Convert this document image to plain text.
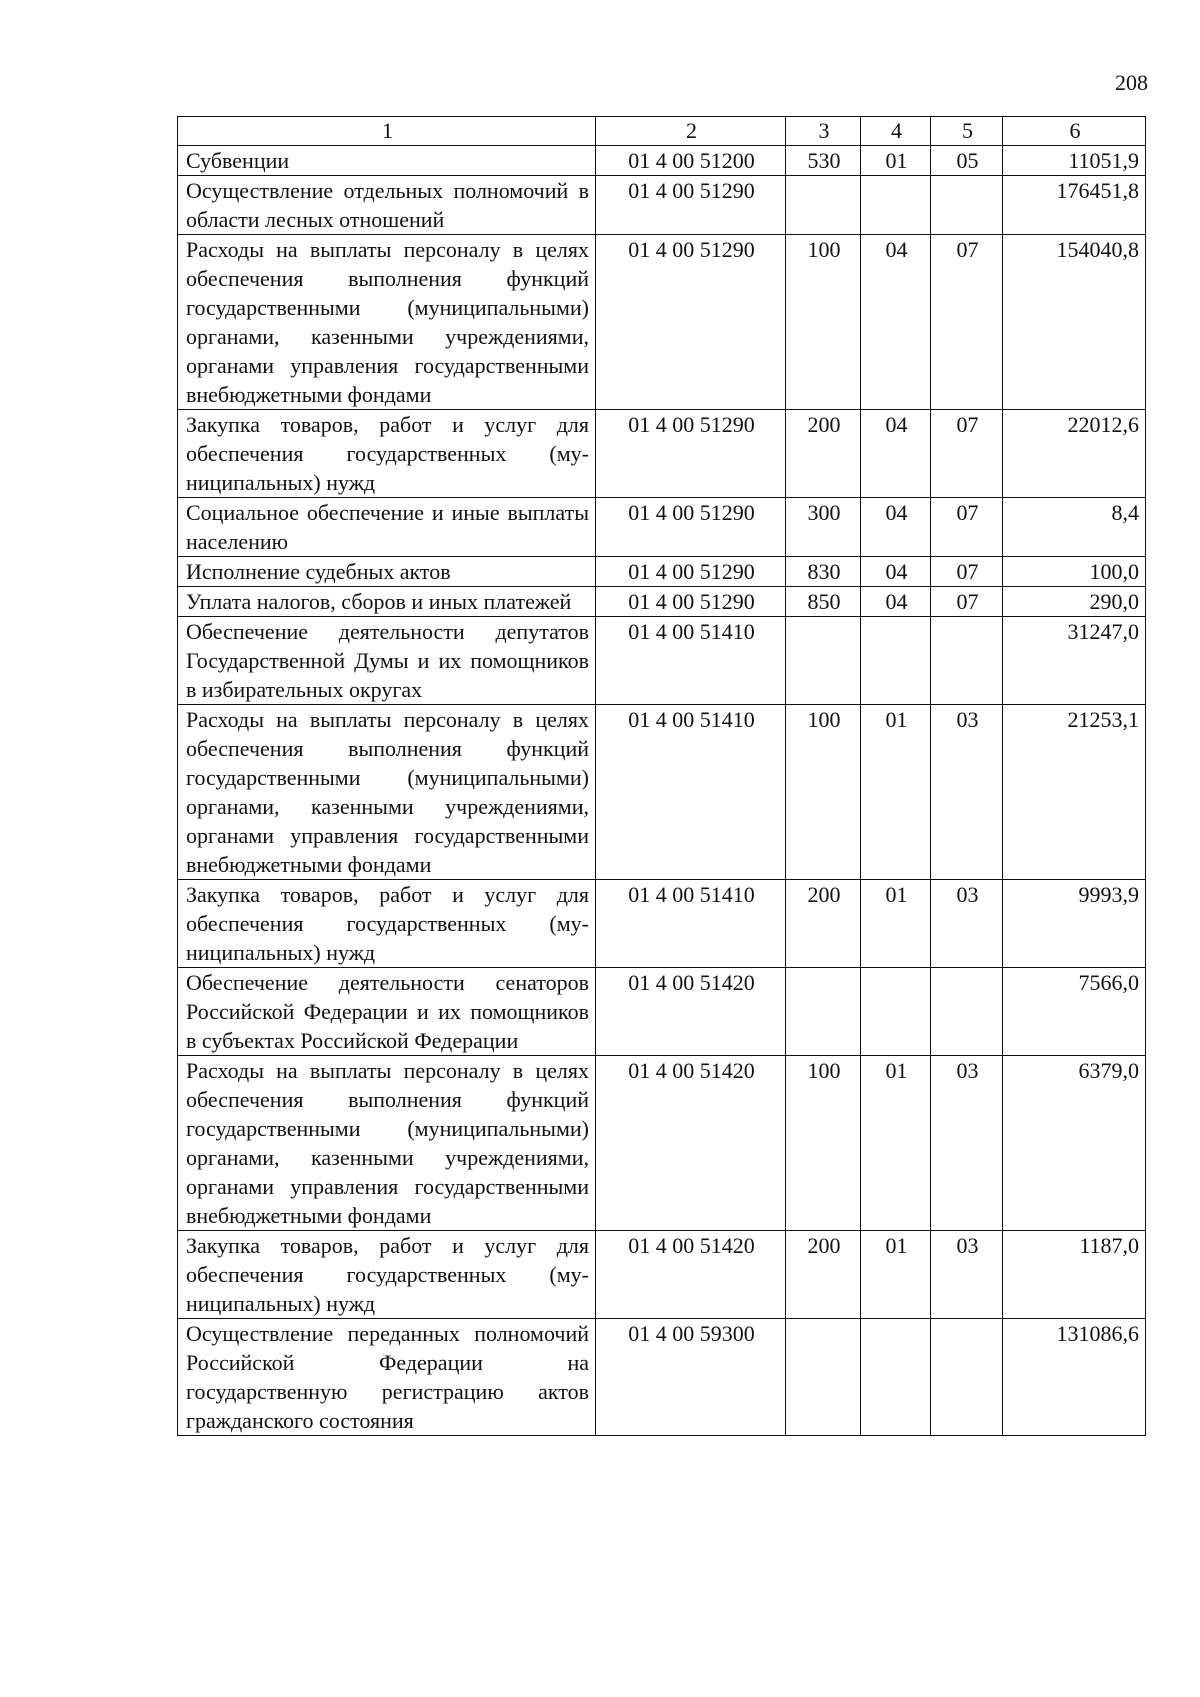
208
1	2	3	4	5	6
Субвенции	01 4 00 51200	530	01	05	11051,9
Осуществление отдельных полномочий в области лесных отношений	01 4 00 51290				176451,8
Расходы на выплаты персоналу в целях обеспечения выполнения функций государственными (муниципальными) органами, казенными учреждениями, органами управления государственными внебюджетными фондами	01 4 00 51290	100	04	07	154040,8
Закупка товаров, работ и услуг для обеспечения государственных (муниципальных) нужд	01 4 00 51290	200	04	07	22012,6
Социальное обеспечение и иные выплаты населению	01 4 00 51290	300	04	07	8,4
Исполнение судебных актов	01 4 00 51290	830	04	07	100,0
Уплата налогов, сборов и иных платежей	01 4 00 51290	850	04	07	290,0
Обеспечение деятельности депутатов Государственной Думы и их помощников в избирательных округах	01 4 00 51410				31247,0
Расходы на выплаты персоналу в целях обеспечения выполнения функций государственными (муниципальными) органами, казенными учреждениями, органами управления государственными внебюджетными фондами	01 4 00 51410	100	01	03	21253,1
Закупка товаров, работ и услуг для обеспечения государственных (муниципальных) нужд	01 4 00 51410	200	01	03	9993,9
Обеспечение деятельности сенаторов Российской Федерации и их помощников в субъектах Российской Федерации	01 4 00 51420				7566,0
Расходы на выплаты персоналу в целях обеспечения выполнения функций государственными (муниципальными) органами, казенными учреждениями, органами управления государственными внебюджетными фондами	01 4 00 51420	100	01	03	6379,0
Закупка товаров, работ и услуг для обеспечения государственных (муниципальных) нужд	01 4 00 51420	200	01	03	1187,0
Осуществление переданных полномочий Российской Федерации на государственную регистрацию актов гражданского состояния	01 4 00 59300				131086,6
